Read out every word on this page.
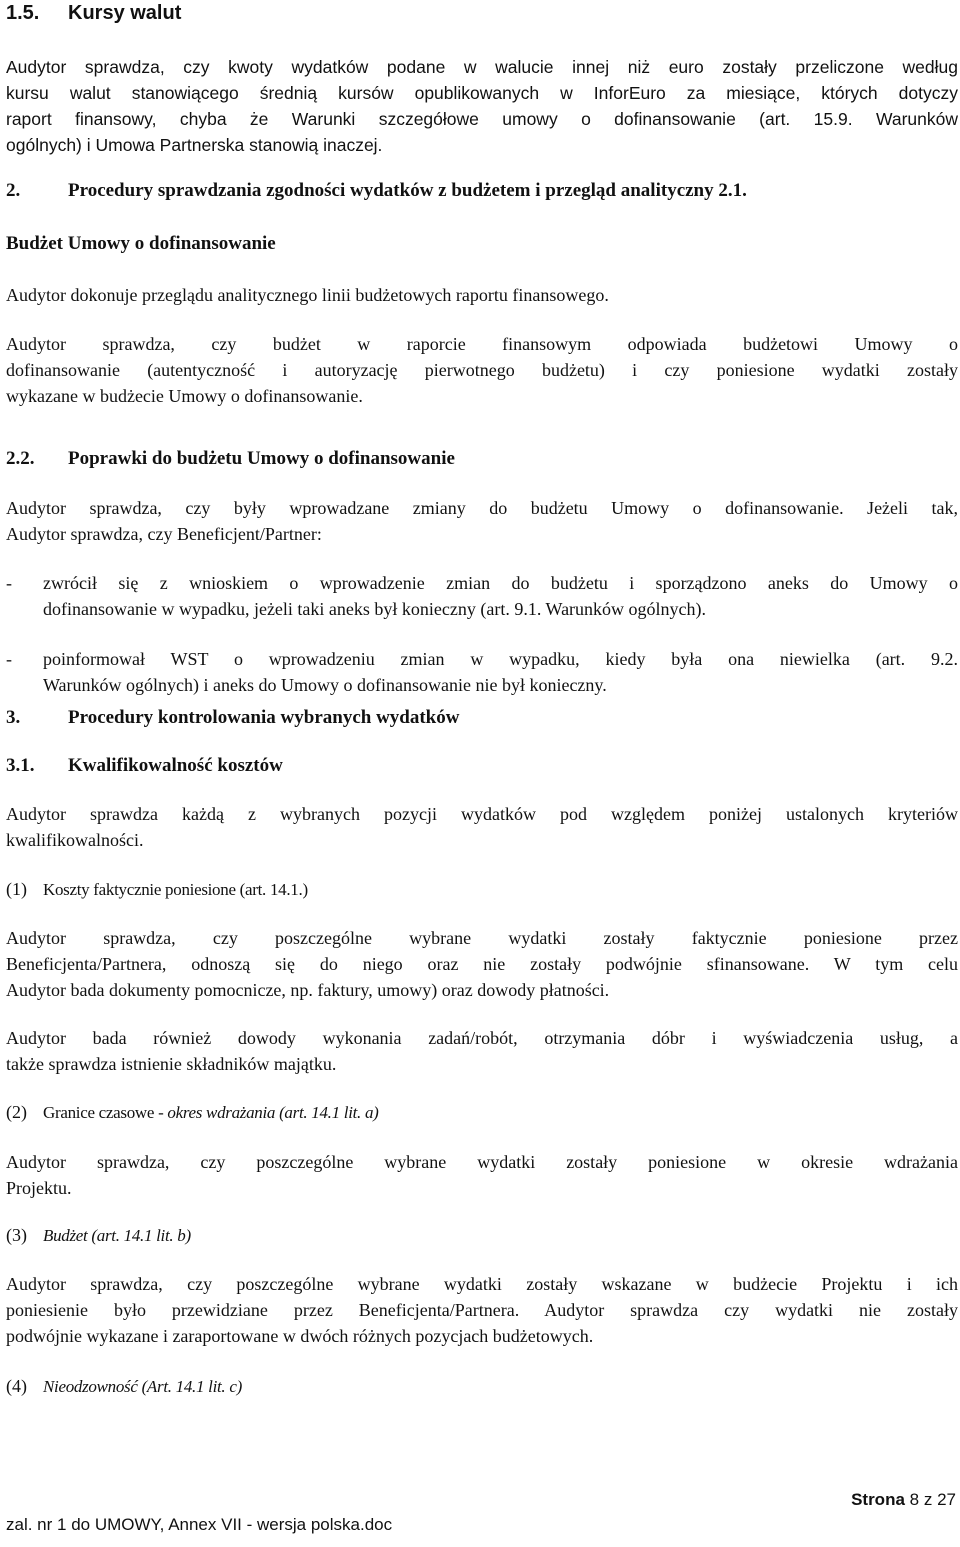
1.5. Kursy walut
Audytor sprawdza, czy kwoty wydatków podane w walucie innej niż euro zostały przeliczone według
kursu walut stanowiącego średnią kursów opublikowanych w InforEuro za miesiące, których dotyczy
raport finansowy, chyba że Warunki szczegółowe umowy o dofinansowanie (art. 15.9. Warunków
ogólnych) i Umowa Partnerska stanowią inaczej.
2.	Procedury sprawdzania zgodności wydatków z budżetem i przegląd analityczny 2.1.
Budżet Umowy o dofinansowanie
Audytor dokonuje przeglądu analitycznego linii budżetowych raportu finansowego.
Audytor sprawdza, czy budżet w raporcie finansowym odpowiada budżetowi Umowy o
dofinansowanie (autentyczność i autoryzację pierwotnego budżetu) i czy poniesione wydatki zostały
wykazane w budżecie Umowy o dofinansowanie.
2.2. Poprawki do budżetu Umowy o dofinansowanie
Audytor sprawdza, czy były wprowadzane zmiany do budżetu Umowy o dofinansowanie. Jeżeli tak,
Audytor sprawdza, czy Beneficjent/Partner:
- zwrócił się z wnioskiem o wprowadzenie zmian do budżetu i sporządzono aneks do Umowy o
dofinansowanie w wypadku, jeżeli taki aneks był konieczny (art. 9.1. Warunków ogólnych).
- poinformował WST o wprowadzeniu zmian w wypadku, kiedy była ona niewielka (art. 9.2.
Warunków ogólnych) i aneks do Umowy o dofinansowanie nie był konieczny.
3.	Procedury kontrolowania wybranych wydatków
3.1. Kwalifikowalność kosztów
Audytor sprawdza każdą z wybranych pozycji wydatków pod względem poniżej ustalonych kryteriów
kwalifikowalności.
(1) Koszty faktycznie poniesione (art. 14.1.)
Audytor sprawdza, czy poszczególne wybrane wydatki zostały faktycznie poniesione przez
Beneficjenta/Partnera, odnoszą się do niego oraz nie zostały podwójnie sfinansowane. W tym celu
Audytor bada dokumenty pomocnicze, np. faktury, umowy) oraz dowody płatności.
Audytor bada również dowody wykonania zadań/robót, otrzymania dóbr i wyświadczenia usług, a
także sprawdza istnienie składników majątku.
(2) Granice czasowe - okres wdrażania (art. 14.1 lit. a)
Audytor sprawdza, czy poszczególne wybrane wydatki zostały poniesione w okresie wdrażania
Projektu.
(3) Budżet (art. 14.1 lit. b)
Audytor sprawdza, czy poszczególne wybrane wydatki zostały wskazane w budżecie Projektu i ich
poniesienie było przewidziane przez Beneficjenta/Partnera. Audytor sprawdza czy wydatki nie zostały
podwójnie wykazane i zaraportowane w dwóch różnych pozycjach budżetowych.
(4) Nieodzowność (Art. 14.1 lit. c)
Strona 8 z 27
zal. nr 1 do UMOWY, Annex VII - wersja polska.doc
